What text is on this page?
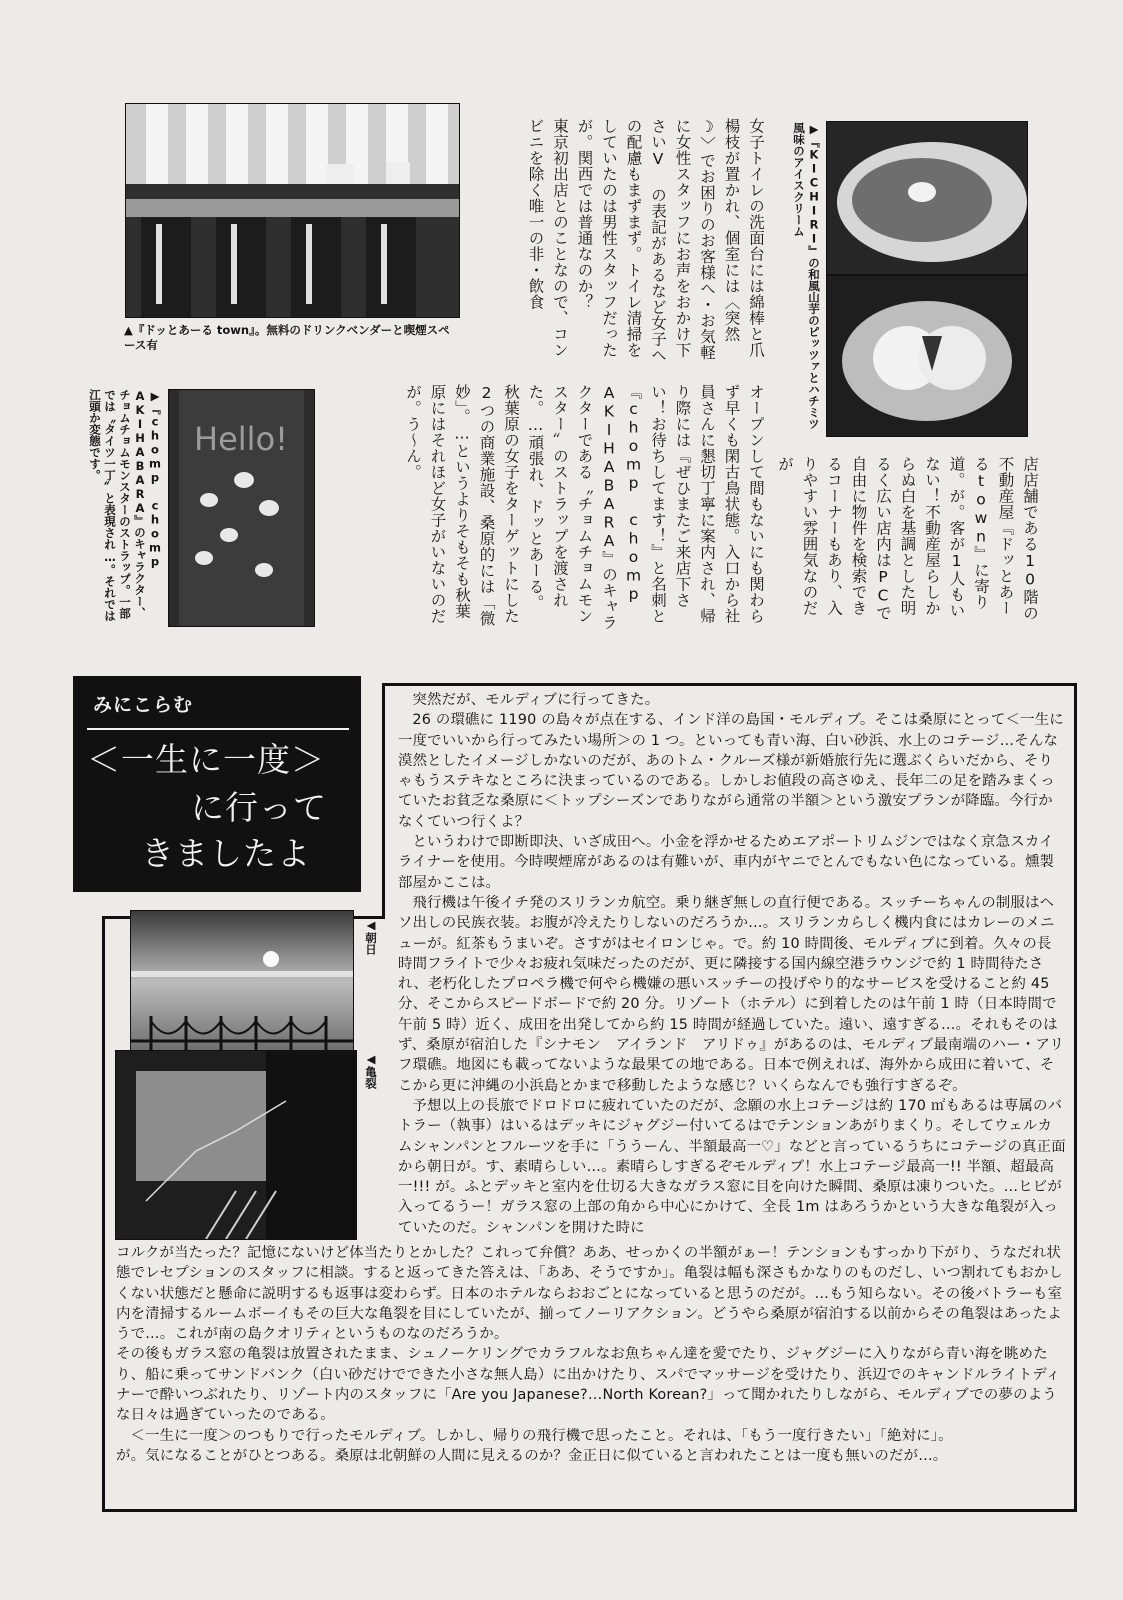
▲『ドッとあーる town』。無料のドリンクベンダーと喫煙スペース有	▶『KICHIRI』の和風山芋のピッツァとハチミツ風味のアイスクリーム
Hello!
▶『chomp chomp AKIHABARA』のキャラクター、チョムチョムモンスターのストラップ。一部では〝タイツ一丁〟と表現され…。それでは江頭か変態です。
店店舗である10階の不動産屋『ドッとあーるtown』に寄り道。が。客が1人もいない！不動産屋らしからぬ白を基調とした明るく広い店内はPCで自由に物件を検索できるコーナーもあり、入りやすい雰囲気なのだが
女子トイレの洗面台には綿棒と爪楊枝が置かれ、個室には〈突然☽〉でお困りのお客様へ・お気軽に女性スタッフにお声をおかけ下さいV の表記があるなど女子への配慮もまずまず。トイレ清掃をしていたのは男性スタッフだったが。関西では普通なのか？
東京初出店とのことなので、コンビニを除く唯一の非・飲食
オープンして間もないにも関わらず早くも閑古鳥状態。入口から社員さんに懇切丁寧に案内され、帰り際には『ぜひまたご来店下さい！お待ちしてます！』と名刺と『chomp chomp AKIHABARA』のキャラクターである〝チョムチョムモンスター〟のストラップを渡された。…頑張れ、ドッとあーる。
秋葉原の女子をターゲットにした2つの商業施設、桑原的には「微妙」。…というよりそもそも秋葉原にはそれほど女子がいないのだが。う〜ん。
みにこらむ
＜一生に一度＞
に行って
きましたよ
◀朝日
◀亀裂

突然だが、モルディブに行ってきた。

26 の環礁に 1190 の島々が点在する、インド洋の島国・モルディブ。そこは桑原にとって＜一生に一度でいいから行ってみたい場所＞の 1 つ。といっても青い海、白い砂浜、水上のコテージ…そんな漠然としたイメージしかないのだが、あのトム・クルーズ様が新婚旅行先に選ぶくらいだから、そりゃもうステキなところに決まっているのである。しかしお値段の高さゆえ、長年二の足を踏みまくっていたお貧乏な桑原に＜トップシーズンでありながら通常の半額＞という激安プランが降臨。今行かなくていつ行くよ？

というわけで即断即決、いざ成田へ。小金を浮かせるためエアポートリムジンではなく京急スカイライナーを使用。今時喫煙席があるのは有難いが、車内がヤニでとんでもない色になっている。燻製部屋かここは。

飛行機は午後イチ発のスリランカ航空。乗り継ぎ無しの直行便である。スッチーちゃんの制服はヘソ出しの民族衣装。お腹が冷えたりしないのだろうか…。スリランカらしく機内食にはカレーのメニューが。紅茶もうまいぞ。さすがはセイロンじゃ。で。約 10 時間後、モルディブに到着。久々の長時間フライトで少々お疲れ気味だったのだが、更に隣接する国内線空港ラウンジで約 1 時間待たされ、老朽化したプロペラ機で何やら機嫌の悪いスッチーの投げやり的なサービスを受けること約 45 分、そこからスピードボードで約 20 分。リゾート（ホテル）に到着したのは午前 1 時（日本時間で午前 5 時）近く、成田を出発してから約 15 時間が経過していた。遠い、遠すぎる…。それもそのはず、桑原が宿泊した『シナモン　アイランド　アリドゥ』があるのは、モルディブ最南端のハー・アリフ環礁。地図にも載ってないような最果ての地である。日本で例えれば、海外から成田に着いて、そこから更に沖縄の小浜島とかまで移動したような感じ？いくらなんでも強行すぎるぞ。

予想以上の長旅でドロドロに疲れていたのだが、念願の水上コテージは約 170 ㎡もあるは専属のバトラー（執事）はいるはデッキにジャグジー付いてるはでテンションあがりまくり。そしてウェルカムシャンパンとフルーツを手に「ううーん、半額最高一♡」などと言っているうちにコテージの真正面から朝日が。す、素晴らしい…。素晴らしすぎるぞモルディブ！水上コテージ最高一!! 半額、超最高一!!! が。ふとデッキと室内を仕切る大きなガラス窓に目を向けた瞬間、桑原は凍りついた。…ヒビが入ってるうー！ガラス窓の上部の角から中心にかけて、全長 1m はあろうかという大きな亀裂が入っていたのだ。シャンパンを開けた時に

コルクが当たった？記憶にないけど体当たりとかした？これって弁償？ああ、せっかくの半額がぁー！テンションもすっかり下がり、うなだれ状態でレセプションのスタッフに相談。すると返ってきた答えは、「ああ、そうですか」。亀裂は幅も深さもかなりのものだし、いつ割れてもおかしくない状態だと懸命に説明するも返事は変わらず。日本のホテルならおおごとになっていると思うのだが。…もう知らない。その後バトラーも室内を清掃するルームボーイもその巨大な亀裂を目にしていたが、揃ってノーリアクション。どうやら桑原が宿泊する以前からその亀裂はあったようで…。これが南の島クオリティというものなのだろうか。

その後もガラス窓の亀裂は放置されたまま、シュノーケリングでカラフルなお魚ちゃん達を愛でたり、ジャグジーに入りながら青い海を眺めたり、船に乗ってサンドバンク（白い砂だけでできた小さな無人島）に出かけたり、スパでマッサージを受けたり、浜辺でのキャンドルライトディナーで酔いつぶれたり、リゾート内のスタッフに「Are you Japanese?…North Korean?」って聞かれたりしながら、モルディブでの夢のような日々は過ぎていったのである。

＜一生に一度＞のつもりで行ったモルディブ。しかし、帰りの飛行機で思ったこと。それは、「もう一度行きたい」「絶対に」。

が。気になることがひとつある。桑原は北朝鮮の人間に見えるのか？金正日に似ていると言われたことは一度も無いのだが…。
